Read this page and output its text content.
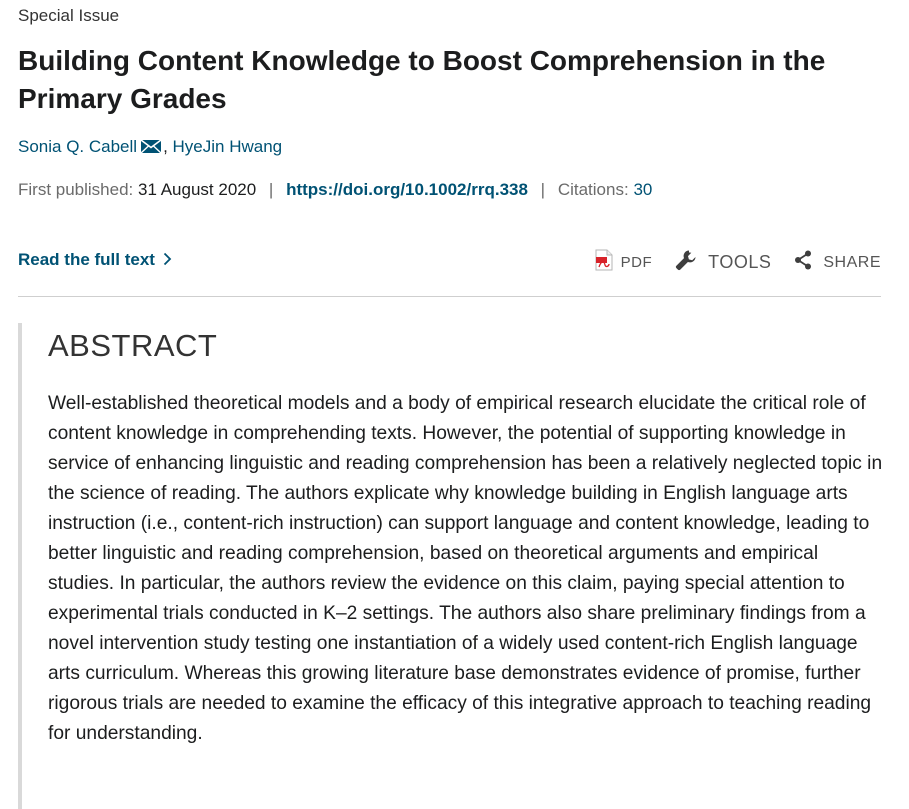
Special Issue
Building Content Knowledge to Boost Comprehension in the Primary Grades
Sonia Q. Cabell , HyeJin Hwang
First published: 31 August 2020 | https://doi.org/10.1002/rrq.338 | Citations: 30
Read the full text	PDF	TOOLS	SHARE
ABSTRACT

Well-established theoretical models and a body of empirical research elucidate the critical role of content knowledge in comprehending texts. However, the potential of supporting knowledge in service of enhancing linguistic and reading comprehension has been a relatively neglected topic in the science of reading. The authors explicate why knowledge building in English language arts instruction (i.e., content-rich instruction) can support language and content knowledge, leading to better linguistic and reading comprehension, based on theoretical arguments and empirical studies. In particular, the authors review the evidence on this claim, paying special attention to experimental trials conducted in K–2 settings. The authors also share preliminary findings from a novel intervention study testing one instantiation of a widely used content-rich English language arts curriculum. Whereas this growing literature base demonstrates evidence of promise, further rigorous trials are needed to examine the efficacy of this integrative approach to teaching reading for understanding.
